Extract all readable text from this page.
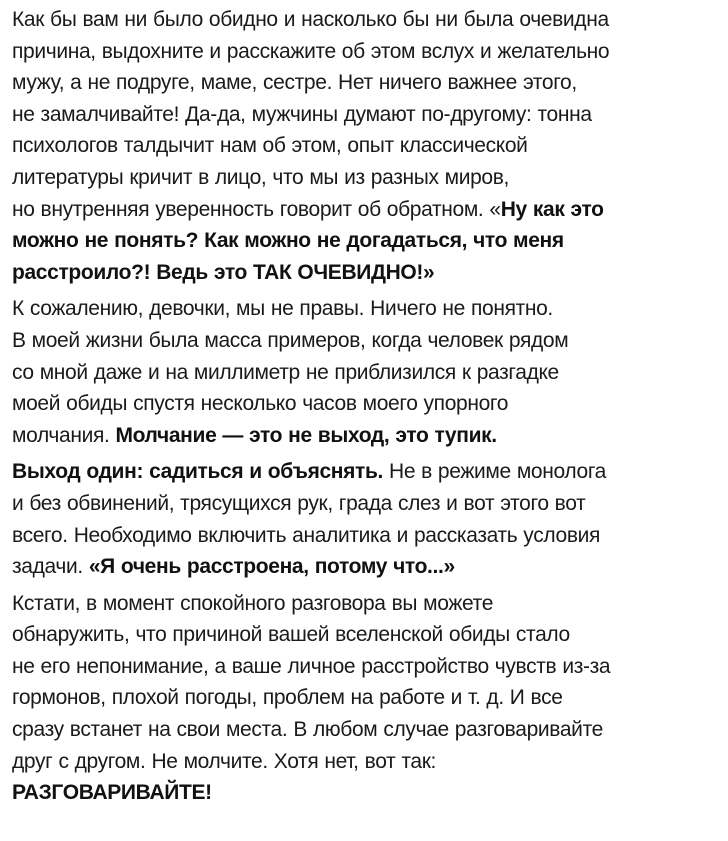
Как бы вам ни было обидно и насколько бы ни была очевидна
причина, выдохните и расскажите об этом вслух и желательно
мужу, а не подруге, маме, сестре. Нет ничего важнее этого,
не замалчивайте! Да-да, мужчины думают по-другому: тонна
психологов талдычит нам об этом, опыт классической
литературы кричит в лицо, что мы из разных миров,
но внутренняя уверенность говорит об обратном. «Ну как это
можно не понять? Как можно не догадаться, что меня
расстроило?! Ведь это ТАК ОЧЕВИДНО!»

К сожалению, девочки, мы не правы. Ничего не понятно.
В моей жизни была масса примеров, когда человек рядом
со мной даже и на миллиметр не приблизился к разгадке
моей обиды спустя несколько часов моего упорного
молчания. Молчание — это не выход, это тупик.

Выход один: садиться и объяснять. Не в режиме монолога
и без обвинений, трясущихся рук, града слез и вот этого вот
всего. Необходимо включить аналитика и рассказать условия
задачи. «Я очень расстроена, потому что...»

Кстати, в момент спокойного разговора вы можете
обнаружить, что причиной вашей вселенской обиды стало
не его непонимание, а ваше личное расстройство чувств из-за
гормонов, плохой погоды, проблем на работе и т. д. И все
сразу встанет на свои места. В любом случае разговаривайте
друг с другом. Не молчите. Хотя нет, вот так:
РАЗГОВАРИВАЙТЕ!
